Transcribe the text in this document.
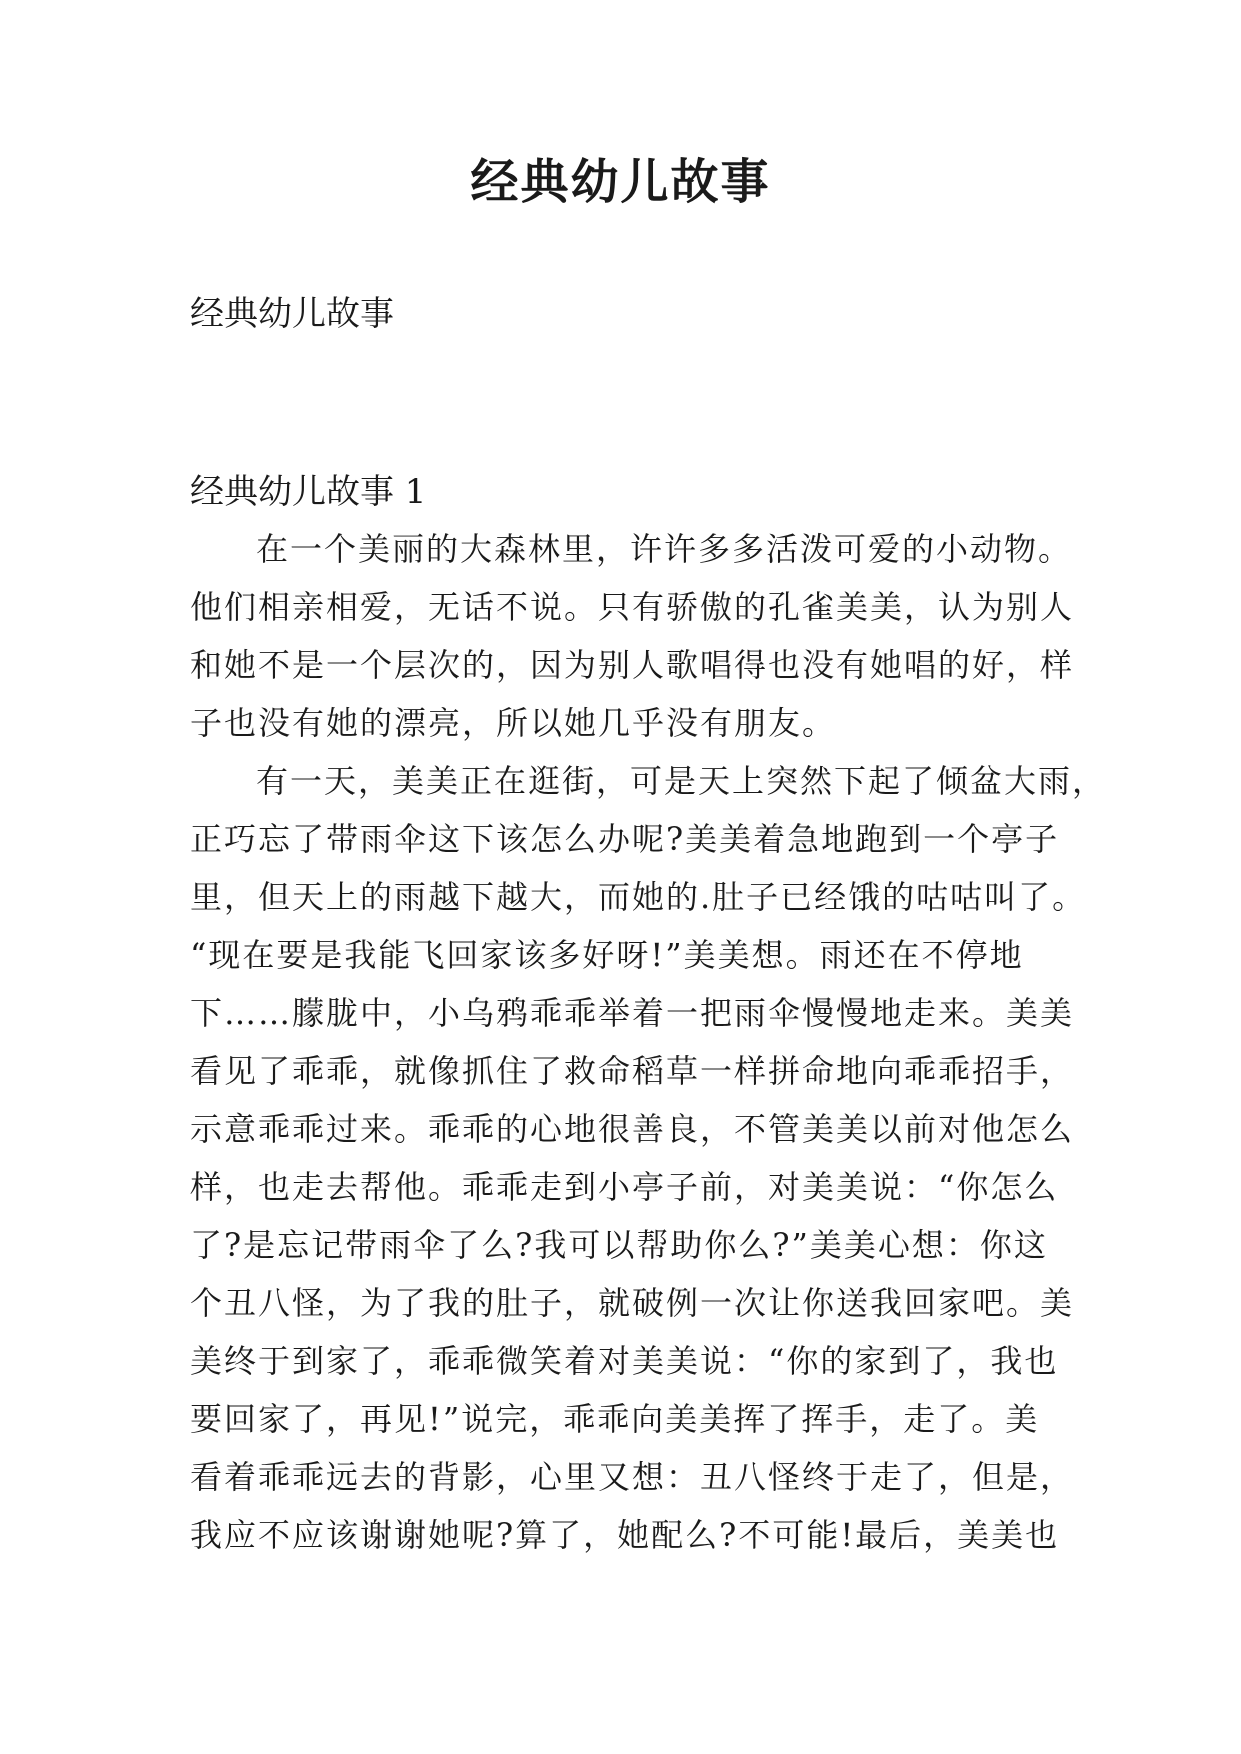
经典幼儿故事

经典幼儿故事

经典幼儿故事 1

在一个美丽的大森林里，许许多多活泼可爱的小动物。
他们相亲相爱，无话不说。只有骄傲的孔雀美美，认为别人
和她不是一个层次的，因为别人歌唱得也没有她唱的好，样
子也没有她的漂亮，所以她几乎没有朋友。
有一天，美美正在逛街，可是天上突然下起了倾盆大雨，
正巧忘了带雨伞这下该怎么办呢?美美着急地跑到一个亭子
里，但天上的雨越下越大，而她的.肚子已经饿的咕咕叫了。
“现在要是我能飞回家该多好呀!”美美想。雨还在不停地
下……朦胧中，小乌鸦乖乖举着一把雨伞慢慢地走来。美美
看见了乖乖，就像抓住了救命稻草一样拼命地向乖乖招手，
示意乖乖过来。乖乖的心地很善良，不管美美以前对他怎么
样，也走去帮他。乖乖走到小亭子前，对美美说：“你怎么
了?是忘记带雨伞了么?我可以帮助你么?”美美心想：你这
个丑八怪，为了我的肚子，就破例一次让你送我回家吧。美
美终于到家了，乖乖微笑着对美美说：“你的家到了，我也
要回家了，再见!”说完，乖乖向美美挥了挥手，走了。美
看着乖乖远去的背影，心里又想：丑八怪终于走了，但是，
我应不应该谢谢她呢?算了，她配么?不可能!最后，美美也
